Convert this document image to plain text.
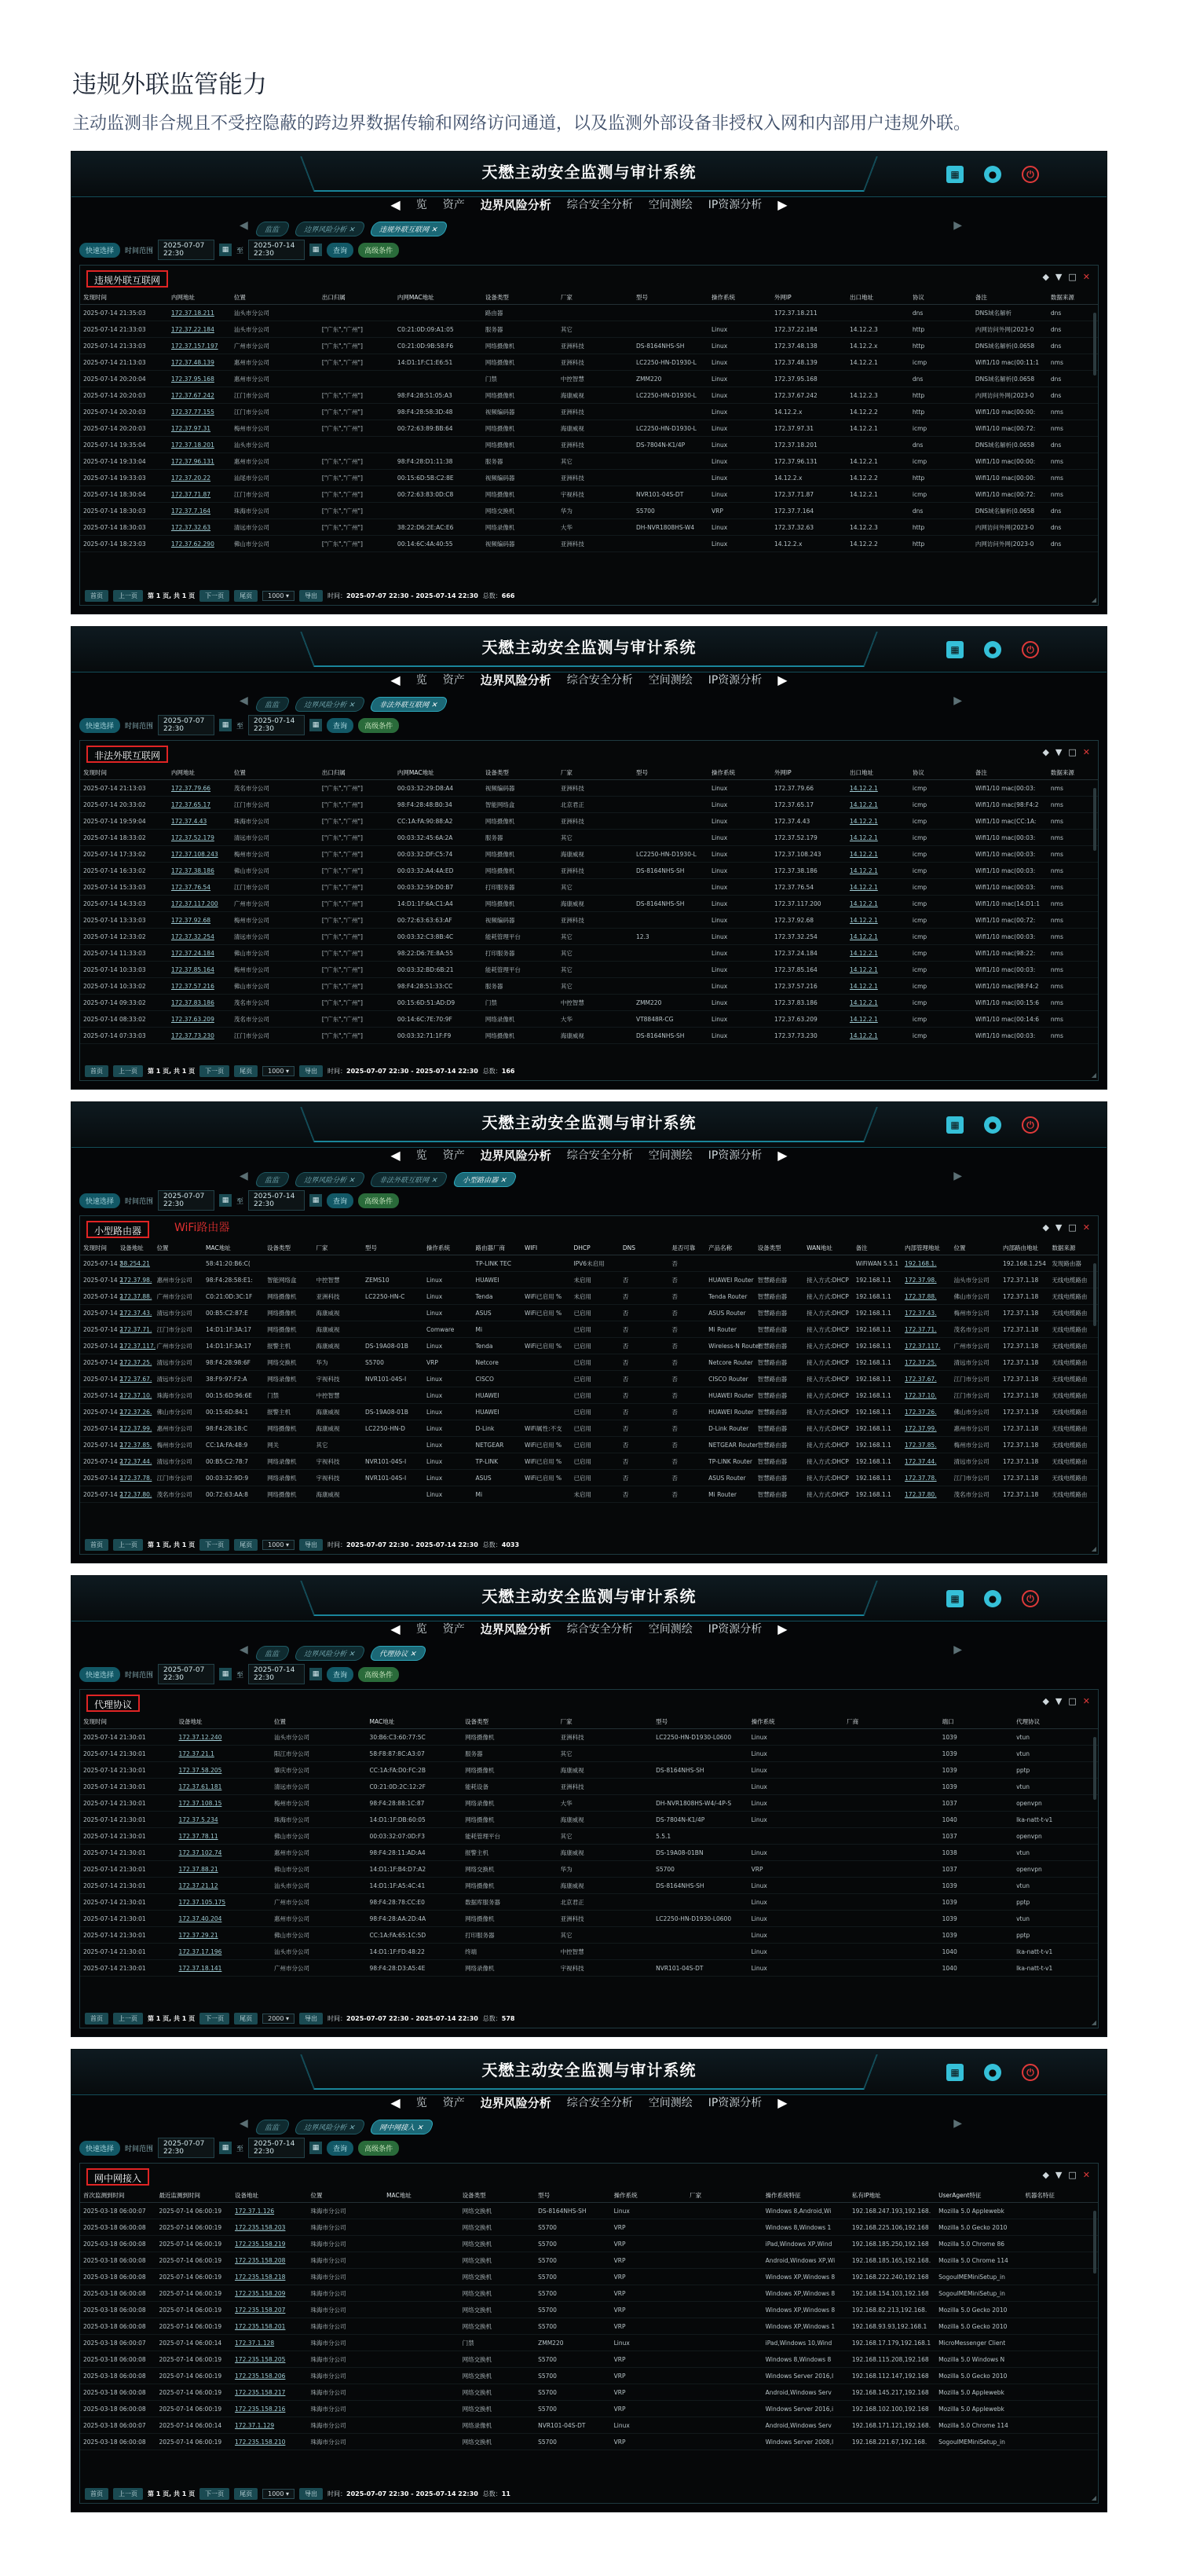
违规外联监管能力

主动监测非合规且不受控隐蔽的跨边界数据传输和网络访问通道，以及监测外部设备非授权入网和内部用户违规外联。

天懋主动安全监测与审计系统	▦	●	⏻
◀ 览 资产 边界风险分析 综合安全分析 空间测绘 IP资源分析 ▶
◀	监监	边界风险分析 ✕	违规外联互联网 ✕	▶
快速选择	时间范围
2025-07-07 22:30	▦	至
2025-07-14 22:30	▦	查询	高级条件
违规外联互联网	◆ ▼ □ ✕
发现时间	内网地址	位置	出口归属	内网MAC地址	设备类型	厂家	型号	操作系统	外网IP	出口地址	协议	备注	数据来源
2025-07-14 21:35:03	172.37.18.211	汕头市分公司			路由器				172.37.18.211		dns	DNS域名解析	dns
2025-07-14 21:33:03	172.37.22.184	汕头市分公司	["广东","广州"]	C0:21:0D:09:A1:05	服务器	其它		Linux	172.37.22.184	14.12.2.3	http	内网访问外网(2023-0	dns
2025-07-14 21:33:03	172.37.157.197	广州市分公司	["广东","广州"]	C0:21:0D:9B:58:F6	网络摄像机	亚洲科技	DS-8164NHS-SH	Linux	172.37.48.138	14.12.2.x	http	DNS域名解析(0.0658	dns
2025-07-14 21:13:03	172.37.48.139	惠州市分公司	["广东","广州"]	14:D1:1F:C1:E6:51	网络摄像机	亚洲科技	LC2250-HN-D1930-L	Linux	172.37.48.139	14.12.2.1	icmp	Wifi1/10 mac(00:11:1	nms
2025-07-14 20:20:04	172.37.95.168	惠州市分公司			门禁	中控智慧	ZMM220	Linux	172.37.95.168		dns	DNS域名解析(0.0658	dns
2025-07-14 20:20:03	172.37.67.242	江门市分公司	["广东","广州"]	98:F4:28:51:05:A3	网络摄像机	海康威视	LC2250-HN-D1930-L	Linux	172.37.67.242	14.12.2.3	http	内网访问外网(2023-0	dns
2025-07-14 20:20:03	172.37.77.155	江门市分公司	["广东","广州"]	98:F4:28:58:3D:48	视频编码器	亚洲科技		Linux	14.12.2.x	14.12.2.2	http	Wifi1/10 mac(00:00:	nms
2025-07-14 20:20:03	172.37.97.31	梅州市分公司	["广东","广州"]	00:72:63:89:BB:64	网络摄像机	海康威视	LC2250-HN-D1930-L	Linux	172.37.97.31	14.12.2.1	icmp	Wifi1/10 mac(00:72:	nms
2025-07-14 19:35:04	172.37.18.201	汕头市分公司			网络摄像机	亚洲科技	DS-7804N-K1/4P	Linux	172.37.18.201		dns	DNS域名解析(0.0658	dns
2025-07-14 19:33:04	172.37.96.131	惠州市分公司	["广东","广州"]	98:F4:28:D1:11:38	服务器	其它		Linux	172.37.96.131	14.12.2.1	icmp	Wifi1/10 mac(00:00:	nms
2025-07-14 19:33:03	172.37.20.22	汕尾市分公司	["广东","广州"]	00:15:6D:5B:C2:8E	视频编码器	亚洲科技		Linux	14.12.2.x	14.12.2.2	http	Wifi1/10 mac(00:00:	nms
2025-07-14 18:30:04	172.37.71.87	江门市分公司	["广东","广州"]	00:72:63:83:0D:C8	网络摄像机	宇视科技	NVR101-04S-DT	Linux	172.37.71.87	14.12.2.1	icmp	Wifi1/10 mac(00:72:	nms
2025-07-14 18:30:03	172.37.7.164	珠海市分公司	["广东","广州"]		网络交换机	华为	S5700	VRP	172.37.7.164		dns	DNS域名解析(0.0658	dns
2025-07-14 18:30:03	172.37.32.63	清远市分公司	["广东","广州"]	38:22:D6:2E:AC:E6	网络录像机	大华	DH-NVR1808HS-W4	Linux	172.37.32.63	14.12.2.3	http	内网访问外网(2023-0	dns
2025-07-14 18:23:03	172.37.62.290	佛山市分公司	["广东","广州"]	00:14:6C:4A:40:55	视频编码器	亚洲科技		Linux	14.12.2.x	14.12.2.2	http	内网访问外网(2023-0	dns
首页	上一页	第 1 页, 共 1 页	下一页	尾页	1000 ▾	导出	时间：2025-07-07 22:30 - 2025-07-14 22:30 总数：666
◢
天懋主动安全监测与审计系统	▦	●	⏻
◀ 览 资产 边界风险分析 综合安全分析 空间测绘 IP资源分析 ▶
◀	监监	边界风险分析 ✕	非法外联互联网 ✕	▶
快速选择	时间范围
2025-07-07 22:30	▦	至
2025-07-14 22:30	▦	查询	高级条件
非法外联互联网	◆ ▼ □ ✕
发现时间	内网地址	位置	出口归属	内网MAC地址	设备类型	厂家	型号	操作系统	外网IP	出口地址	协议	备注	数据来源
2025-07-14 21:13:03	172.37.79.66	茂名市分公司	["广东","广州"]	00:03:32:29:D8:A4	视频编码器	亚洲科技		Linux	172.37.79.66	14.12.2.1	icmp	Wifi1/10 mac(00:03:	nms
2025-07-14 20:33:02	172.37.65.17	江门市分公司	["广东","广州"]	98:F4:28:48:B0:34	智能网络盒	北京君正		Linux	172.37.65.17	14.12.2.1	icmp	Wifi1/10 mac(98:F4:2	nms
2025-07-14 19:59:04	172.37.4.43	珠海市分公司	["广东","广州"]	CC:1A:FA:90:88:A2	网络摄像机	亚洲科技		Linux	172.37.4.43	14.12.2.1	icmp	Wifi1/10 mac(CC:1A:	nms
2025-07-14 18:33:02	172.37.52.179	清远市分公司	["广东","广州"]	00:03:32:45:6A:2A	服务器	其它		Linux	172.37.52.179	14.12.2.1	icmp	Wifi1/10 mac(00:03:	nms
2025-07-14 17:33:02	172.37.108.243	梅州市分公司	["广东","广州"]	00:03:32:DF:C5:74	网络摄像机	海康威视	LC2250-HN-D1930-L	Linux	172.37.108.243	14.12.2.1	icmp	Wifi1/10 mac(00:03:	nms
2025-07-14 16:33:02	172.37.38.186	佛山市分公司	["广东","广州"]	00:03:32:A4:4A:ED	网络摄像机	亚洲科技	DS-8164NHS-SH	Linux	172.37.38.186	14.12.2.1	icmp	Wifi1/10 mac(00:03:	nms
2025-07-14 15:33:03	172.37.76.54	江门市分公司	["广东","广州"]	00:03:32:59:D0:B7	打印服务器	其它		Linux	172.37.76.54	14.12.2.1	icmp	Wifi1/10 mac(00:03:	nms
2025-07-14 14:33:03	172.37.117.200	广州市分公司	["广东","广州"]	14:D1:1F:6A:C1:A4	网络摄像机	海康威视	DS-8164NHS-SH	Linux	172.37.117.200	14.12.2.1	icmp	Wifi1/10 mac(14:D1:1	nms
2025-07-14 13:33:03	172.37.92.68	梅州市分公司	["广东","广州"]	00:72:63:63:63:AF	视频编码器	亚洲科技		Linux	172.37.92.68	14.12.2.1	icmp	Wifi1/10 mac(00:72:	nms
2025-07-14 12:33:02	172.37.32.254	清远市分公司	["广东","广州"]	00:03:32:C3:8B:4C	能耗管理平台	其它	12.3	Linux	172.37.32.254	14.12.2.1	icmp	Wifi1/10 mac(00:03:	nms
2025-07-14 11:33:03	172.37.24.184	佛山市分公司	["广东","广州"]	98:22:D6:7E:8A:55	打印服务器	其它		Linux	172.37.24.184	14.12.2.1	icmp	Wifi1/10 mac(98:22:	nms
2025-07-14 10:33:03	172.37.85.164	梅州市分公司	["广东","广州"]	00:03:32:BD:6B:21	能耗管理平台	其它		Linux	172.37.85.164	14.12.2.1	icmp	Wifi1/10 mac(00:03:	nms
2025-07-14 10:33:02	172.37.57.216	佛山市分公司	["广东","广州"]	98:F4:28:51:33:CC	服务器	其它		Linux	172.37.57.216	14.12.2.1	icmp	Wifi1/10 mac(98:F4:2	nms
2025-07-14 09:33:02	172.37.83.186	茂名市分公司	["广东","广州"]	00:15:6D:51:AD:D9	门禁	中控智慧	ZMM220	Linux	172.37.83.186	14.12.2.1	icmp	Wifi1/10 mac(00:15:6	nms
2025-07-14 08:33:02	172.37.63.209	茂名市分公司	["广东","广州"]	00:14:6C:7E:70:9F	网络录像机	大华	VT8848R-CG	Linux	172.37.63.209	14.12.2.1	icmp	Wifi1/10 mac(00:14:6	nms
2025-07-14 07:33:03	172.37.73.230	江门市分公司	["广东","广州"]	00:03:32:71:1F:F9	网络摄像机	海康威视	DS-8164NHS-SH	Linux	172.37.73.230	14.12.2.1	icmp	Wifi1/10 mac(00:03:	nms
首页	上一页	第 1 页, 共 1 页	下一页	尾页	1000 ▾	导出	时间：2025-07-07 22:30 - 2025-07-14 22:30 总数：166
◢
天懋主动安全监测与审计系统	▦	●	⏻
◀ 览 资产 边界风险分析 综合安全分析 空间测绘 IP资源分析 ▶
◀	监监	边界风险分析 ✕	非法外联互联网 ✕	小型路由器 ✕	▶
快速选择	时间范围
2025-07-07 22:30	▦	至
2025-07-14 22:30	▦	查询	高级条件
小型路由器	WiFi路由器	◆ ▼ □ ✕
发现时间	设备地址	位置	MAC地址	设备类型	厂家	型号	操作系统	路由器厂商	WIFI	DHCP	DNS	是否可靠	产品名称	设备类型	WAN地址	备注	内部管理地址	位置	内部路由地址	数据来源
2025-07-14 2	58.254.21		58:41:20:B6:C(					TP-LINK TEC		IPV6未启用		否				WiFiWAN 5.5.1	192.168.1.		192.168.1.254	发现路由器
2025-07-14 2	172.37.98.	惠州市分公司	98:F4:28:58:E1:	智能网络盒	中控智慧	ZEMS10	Linux	HUAWEI		未启用	否	否	HUAWEI Router	智慧路由器	接入方式:DHCP	192.168.1.1	172.37.98.	汕头市分公司	172.37.1.18	无线电缆路由
2025-07-14 2	172.37.88.	广州市分公司	C0:21:0D:3C:1F	网络摄像机	亚洲科技	LC2250-HN-C	Linux	Tenda	WiFi已启用 %	未启用	否	否	Tenda Router	智慧路由器	接入方式:DHCP	192.168.1.1	172.37.88.	佛山市分公司	172.37.1.18	无线电缆路由
2025-07-14 2	172.37.43.	清远市分公司	00:B5:C2:87:E	网络摄像机	海康威视		Linux	ASUS	WiFi已启用 %	已启用	否	否	ASUS Router	智慧路由器	接入方式:DHCP	192.168.1.1	172.37.43.	梅州市分公司	172.37.1.18	无线电缆路由
2025-07-14 2	172.37.71.	江门市分公司	14:D1:1F:3A:17	网络摄像机	海康威视		Comware	Mi		已启用	否	否	Mi Router	智慧路由器	接入方式:DHCP	192.168.1.1	172.37.71.	茂名市分公司	172.37.1.18	无线电缆路由
2025-07-14 2	172.37.117.	广州市分公司	14:D1:1F:3A:17	报警主机	海康威视	DS-19A08-01B	Linux	Tenda	WiFi已启用 %	已启用	否	否	Wireless-N Router	智慧路由器	接入方式:DHCP	192.168.1.1	172.37.117.	广州市分公司	172.37.1.18	无线电缆路由
2025-07-14 2	172.37.25.	清远市分公司	98:F4:28:98:6F	网络交换机	华为	S5700	VRP	Netcore		已启用	否	否	Netcore Router	智慧路由器	接入方式:DHCP	192.168.1.1	172.37.25.	清远市分公司	172.37.1.18	无线电缆路由
2025-07-14 2	172.37.67.	清远市分公司	38:F9:97:F2:A	网络录像机	宇视科技	NVR101-04S-I	Linux	CISCO		已启用	否	否	CISCO Router	智慧路由器	接入方式:DHCP	192.168.1.1	172.37.67.	江门市分公司	172.37.1.18	无线电缆路由
2025-07-14 2	172.37.10.	珠海市分公司	00:15:6D:96:6E	门禁	中控智慧		Linux	HUAWEI		已启用	否	否	HUAWEI Router	智慧路由器	接入方式:DHCP	192.168.1.1	172.37.10.	江门市分公司	172.37.1.18	无线电缆路由
2025-07-14 2	172.37.26.	佛山市分公司	00:15:6D:84:1	报警主机	海康威视	DS-19A08-01B	Linux	HUAWEI		已启用	否	否	HUAWEI Router	智慧路由器	接入方式:DHCP	192.168.1.1	172.37.26.	佛山市分公司	172.37.1.18	无线电缆路由
2025-07-14 2	172.37.99.	惠州市分公司	98:F4:28:18:C	网络摄像机	海康威视	LC2250-HN-D	Linux	D-Link	WiFi属性:不支	已启用	否	否	D-Link Router	智慧路由器	接入方式:DHCP	192.168.1.1	172.37.99.	惠州市分公司	172.37.1.18	无线电缆路由
2025-07-14 2	172.37.85.	梅州市分公司	CC:1A:FA:48:9	网关	其它		Linux	NETGEAR	WiFi已启用 %	已启用	否	否	NETGEAR Router	智慧路由器	接入方式:DHCP	192.168.1.1	172.37.85.	梅州市分公司	172.37.1.18	无线电缆路由
2025-07-14 2	172.37.44.	清远市分公司	00:B5:C2:78:7	网络录像机	宇视科技	NVR101-04S-I	Linux	TP-LINK	WiFi已启用 %	已启用	否	否	TP-LINK Router	智慧路由器	接入方式:DHCP	192.168.1.1	172.37.44.	清远市分公司	172.37.1.18	无线电缆路由
2025-07-14 2	172.37.78.	江门市分公司	00:03:32:9D:9	网络录像机	宇视科技	NVR101-04S-I	Linux	ASUS	WiFi已启用 %	已启用	否	否	ASUS Router	智慧路由器	接入方式:DHCP	192.168.1.1	172.37.78.	江门市分公司	172.37.1.18	无线电缆路由
2025-07-14 2	172.37.80.	茂名市分公司	00:72:63:AA:8	网络摄像机	海康威视		Linux	Mi		未启用	否	否	Mi Router	智慧路由器	接入方式:DHCP	192.168.1.1	172.37.80.	茂名市分公司	172.37.1.18	无线电缆路由
首页	上一页	第 1 页, 共 1 页	下一页	尾页	1000 ▾	导出	时间：2025-07-07 22:30 - 2025-07-14 22:30 总数：4033
◢
天懋主动安全监测与审计系统	▦	●	⏻
◀ 览 资产 边界风险分析 综合安全分析 空间测绘 IP资源分析 ▶
◀	监监	边界风险分析 ✕	代理协议 ✕	▶
快速选择	时间范围
2025-07-07 22:30	▦	至
2025-07-14 22:30	▦	查询	高级条件
代理协议	◆ ▼ □ ✕
发现时间	设备地址	位置	MAC地址	设备类型	厂家	型号	操作系统	厂商	端口	代理协议
2025-07-14 21:30:01	172.37.12.240	汕头市分公司	30:B6:C3:60:77:5C	网络摄像机	亚洲科技	LC2250-HN-D1930-L0600	Linux		1039	vtun
2025-07-14 21:30:01	172.37.21.1	阳江市分公司	58:F8:87:8C:A3:07	服务器	其它		Linux		1039	vtun
2025-07-14 21:30:01	172.37.58.205	肇庆市分公司	CC:1A:FA:D0:FC:2B	网络摄像机	海康威视	DS-8164NHS-SH	Linux		1039	pptp
2025-07-14 21:30:01	172.37.61.181	清远市分公司	C0:21:0D:2C:12:2F	能耗设备	亚洲科技		Linux		1039	vtun
2025-07-14 21:30:01	172.37.108.15	梅州市分公司	98:F4:28:88:1C:87	网络录像机	大华	DH-NVR1808HS-W4/-4P-S	Linux		1037	openvpn
2025-07-14 21:30:01	172.37.5.234	珠海市分公司	14:D1:1F:DB:60:05	网络摄像机	海康威视	DS-7804N-K1/4P	Linux		1040	lka-natt-t-v1
2025-07-14 21:30:01	172.37.78.11	佛山市分公司	00:03:32:07:0D:F3	能耗管理平台	其它	5.5.1			1037	openvpn
2025-07-14 21:30:01	172.37.102.74	惠州市分公司	98:F4:28:11:AD:A4	报警主机	海康威视	DS-19A08-01BN	Linux		1038	vtun
2025-07-14 21:30:01	172.37.88.21	佛山市分公司	14:D1:1F:B4:D7:A2	网络交换机	华为	S5700	VRP		1037	openvpn
2025-07-14 21:30:01	172.37.21.12	汕头市分公司	14:D1:1F:A5:4C:41	网络摄像机	海康威视	DS-8164NHS-SH	Linux		1039	vtun
2025-07-14 21:30:01	172.37.105.175	广州市分公司	98:F4:28:78:CC:E0	数据库服务器	北京君正		Linux		1039	pptp
2025-07-14 21:30:01	172.37.40.204	惠州市分公司	98:F4:28:AA:2D:4A	网络摄像机	亚洲科技	LC2250-HN-D1930-L0600	Linux		1039	vtun
2025-07-14 21:30:01	172.37.29.21	佛山市分公司	CC:1A:FA:65:1C:5D	打印服务器	其它		Linux		1039	pptp
2025-07-14 21:30:01	172.37.17.196	汕头市分公司	14:D1:1F:FD:48:22	终端	中控智慧		Linux		1040	lka-natt-t-v1
2025-07-14 21:30:01	172.37.18.141	广州市分公司	98:F4:28:D3:A5:4E	网络录像机	宇视科技	NVR101-04S-DT	Linux		1040	lka-natt-t-v1
首页	上一页	第 1 页, 共 1 页	下一页	尾页	2000 ▾	导出	时间：2025-07-07 22:30 - 2025-07-14 22:30 总数：578
◢
天懋主动安全监测与审计系统	▦	●	⏻
◀ 览 资产 边界风险分析 综合安全分析 空间测绘 IP资源分析 ▶
◀	监监	边界风险分析 ✕	网中网接入 ✕	▶
快速选择	时间范围
2025-07-07 22:30	▦	至
2025-07-14 22:30	▦	查询	高级条件
网中网接入	◆ ▼ □ ✕
首次监测到时间	最近监测到时间	设备地址	位置	MAC地址	设备类型	型号	操作系统	厂家	操作系统特征	私有IP地址	UserAgent特征	机器名特征
2025-03-18 06:00:07	2025-07-14 06:00:19	172.37.1.126	珠海市分公司		网络交换机	DS-8164NHS-SH	Linux		Windows 8,Android,Wi	192.168.247.193,192.168.	Mozilla 5.0 Applewebk	
2025-03-18 06:00:08	2025-07-14 06:00:19	172.235.158.203	珠海市分公司		网络交换机	S5700	VRP		Windows 8,Windows 1	192.168.225.106,192.168	Mozilla 5.0 Gecko 2010	
2025-03-18 06:00:08	2025-07-14 06:00:19	172.235.158.219	珠海市分公司		网络交换机	S5700	VRP		iPad,Windows XP,Wind	192.168.185.250,192.168	Mozilla 5.0 Chrome 86	
2025-03-18 06:00:08	2025-07-14 06:00:19	172.235.158.208	珠海市分公司		网络交换机	S5700	VRP		Android,Windows XP,Wi	192.168.185.165,192.168.	Mozilla 5.0 Chrome 114	
2025-03-18 06:00:08	2025-07-14 06:00:19	172.235.158.218	珠海市分公司		网络交换机	S5700	VRP		Windows XP,Windows 8	192.168.222.240,192.168	SogouIMEMiniSetup_in	
2025-03-18 06:00:08	2025-07-14 06:00:19	172.235.158.209	珠海市分公司		网络交换机	S5700	VRP		Windows XP,Windows 8	192.168.154.103,192.168	SogouIMEMiniSetup_in	
2025-03-18 06:00:08	2025-07-14 06:00:19	172.235.158.207	珠海市分公司		网络交换机	S5700	VRP		Windows XP,Windows 8	192.168.82.213,192.168.	Mozilla 5.0 Gecko 2010	
2025-03-18 06:00:08	2025-07-14 06:00:19	172.235.158.201	珠海市分公司		网络交换机	S5700	VRP		Windows XP,Windows 1	192.168.93.93,192.168.1	Mozilla 5.0 Gecko 2010	
2025-03-18 06:00:07	2025-07-14 06:00:14	172.37.1.128	珠海市分公司		门禁	ZMM220	Linux		iPad,Windows 10,Wind	192.168.17.179,192.168.1	MicroMessenger Client	
2025-03-18 06:00:08	2025-07-14 06:00:19	172.235.158.205	珠海市分公司		网络交换机	S5700	VRP		Windows 8,Windows 8	192.168.115.208,192.168	Mozilla 5.0 Windows N	
2025-03-18 06:00:08	2025-07-14 06:00:19	172.235.158.206	珠海市分公司		网络交换机	S5700	VRP		Windows Server 2016,I	192.168.112.147,192.168	Mozilla 5.0 Gecko 2010	
2025-03-18 06:00:08	2025-07-14 06:00:19	172.235.158.217	珠海市分公司		网络交换机	S5700	VRP		Android,Windows Serv	192.168.145.217,192.168	Mozilla 5.0 Applewebk	
2025-03-18 06:00:08	2025-07-14 06:00:19	172.235.158.216	珠海市分公司		网络交换机	S5700	VRP		Windows Server 2016,i	192.168.102.100,192.168	Mozilla 5.0 Applewebk	
2025-03-18 06:00:07	2025-07-14 06:00:14	172.37.1.129	珠海市分公司		网络录像机	NVR101-04S-DT	Linux		Android,Windows Serv	192.168.171.121,192.168.	Mozilla 5.0 Chrome 114	
2025-03-18 06:00:08	2025-07-14 06:00:19	172.235.158.210	珠海市分公司		网络交换机	S5700	VRP		Windows Server 2008,I	192.168.221.67,192.168.	SogouIMEMiniSetup_in	
首页	上一页	第 1 页, 共 1 页	下一页	尾页	1000 ▾	导出	时间：2025-07-07 22:30 - 2025-07-14 22:30 总数：11
◢
